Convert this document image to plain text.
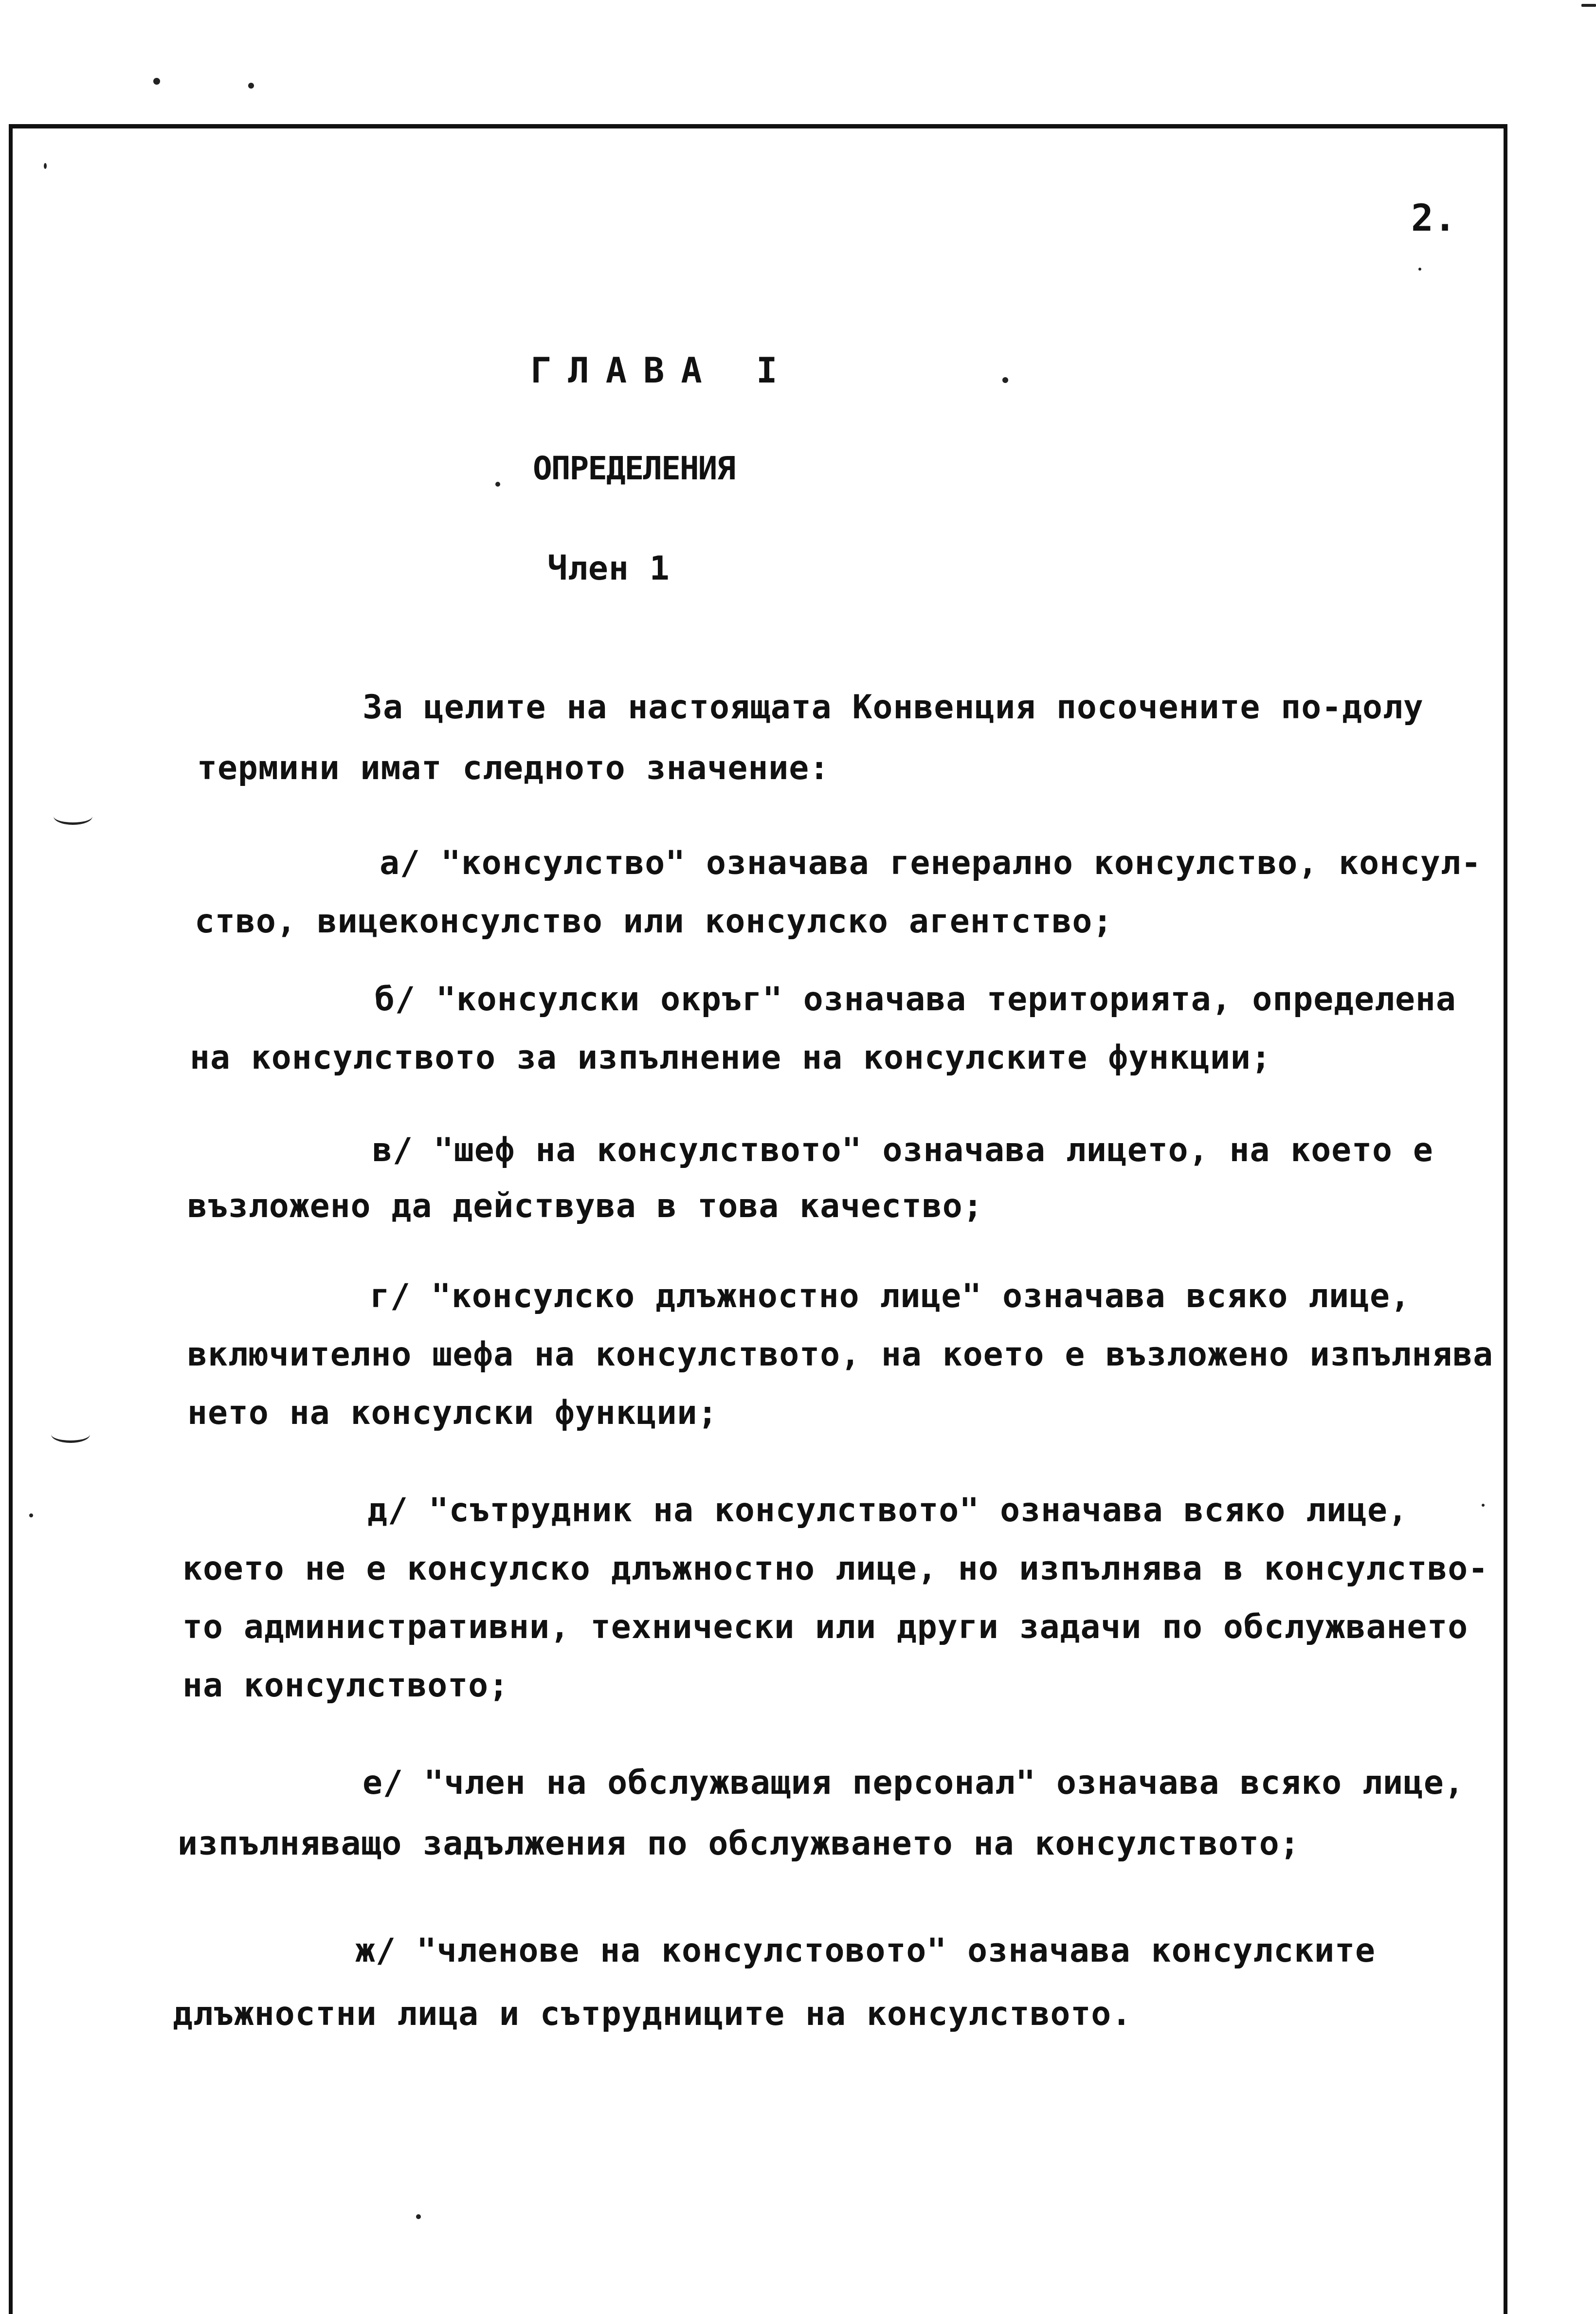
2.
ГЛАВА I
ОПРЕДЕЛЕНИЯ
Член 1
За целите на настоящата Конвенция посочените по-долу
термини имат следното значение:
а/ "консулство" означава генерално консулство, консул-
ство, вицеконсулство или консулско агентство;
б/ "консулски окръг" означава територията, определена
на консулството за изпълнение на консулските функции;
в/ "шеф на консулството" означава лицето, на което е
възложено да действува в това качество;
г/ "консулско длъжностно лице" означава всяко лице,
включително шефа на консулството, на което е възложено изпълнява
нето на консулски функции;
д/ "сътрудник на консулството" означава всяко лице,
което не е консулско длъжностно лице, но изпълнява в консулство-
то административни, технически или други задачи по обслужването
на консулството;
е/ "член на обслужващия персонал" означава всяко лице,
изпълняващо задължения по обслужването на консулството;
ж/ "членове на консулстовото" означава консулските
длъжностни лица и сътрудниците на консулството.
